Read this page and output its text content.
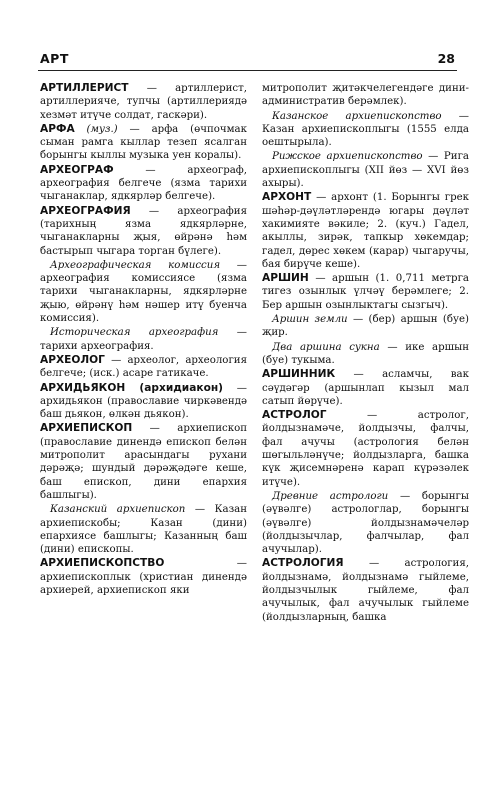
АРТ	28

АРТИЛЛЕРИСТ — артиллерист, артиллерияче, тупчы (артиллериядә хезмәт итүче солдат, гаскәри).

АРФА (муз.) — арфа (өчпочмак сыман рамга кыллар тезеп ясалган борынгы кыллы музыка уен коралы).

АРХЕОГРАФ — археограф, археография белгече (язма тарихи чыганаклар, ядкярләр белгече).

АРХЕОГРАФИЯ — археография (тарихның язма ядкярләрне, чыганакларны җыя, өйрәнә һәм бастырып чыгара торган бүлеге).

Археографическая комиссия — археография комиссиясе (язма тарихи чыганакларны, ядкярләрне җыю, өйрәнү һәм нәшер итү буенча комиссия).

Историческая археография — тарихи археография.

АРХЕОЛОГ — археолог, археология белгече; (иск.) асаре гатикаче.

АРХИДЬЯКОН (архидиакон) — архидьякон (православие чиркәвендә баш дьякон, өлкән дьякон).

АРХИЕПИСКОП — архиепископ (православие динендә епископ белән митрополит арасындагы рухани дәрәҗә; шундый дәрәҗәдәге кеше, баш епископ, дини епархия башлыгы).

Казанский архиепископ — Казан архиепискобы; Казан (дини) епархиясе башлыгы; Казанның баш (дини) епископы.

АРХИЕПИСКОПСТВО — архиепископлык (христиан динендә архиерей, архиепископ яки

митрополит җитәкчелегендәге дини-административ берәмлек).

Казанское архиепископство — Казан архиепископлыгы (1555 елда оештырыла).

Рижское архиепископство — Рига архиепископлыгы (XII йөз — XVI йөз ахыры).

АРХОНТ — архонт (1. Борынгы грек шәһәр-дәүләтләрендә югары дәүләт хакимияте вәкиле; 2. (куч.) Гадел, акыллы, зирәк, тапкыр хөкемдар; гадел, дөрес хөкем (карар) чыгаручы, бая бирүче кеше).

АРШИН — аршын (1. 0,711 метрга тигез озынлык үлчәү берәмлеге; 2. Бер аршын озынлыктагы сызгыч).

Аршин земли — (бер) аршын (буе) җир.

Два аршина сукна — ике аршын (буе) тукыма.

АРШИННИК — асламчы, вак сәүдәгәр (аршынлап кызыл мал сатып йөрүче).

АСТРОЛОГ — астролог, йолдызнамәче, йолдызчы, фалчы, фал ачучы (астрология белән шөгыльләнүче; йолдызларга, башка күк җисемнәренә карап күрәзәлек итүче).

Древние астрологи — борынгы (әүвәлге) астрологлар, борынгы (әүвәлге) йолдызнамәчеләр (йолдызычлар, фалчылар, фал ачучылар).

АСТРОЛОГИЯ — астрология, йолдызнамә, йолдызнамә гыйлеме, йолдызчылык гыйлеме, фал ачучылык, фал ачучылык гыйлеме (йолдызларның, башка
